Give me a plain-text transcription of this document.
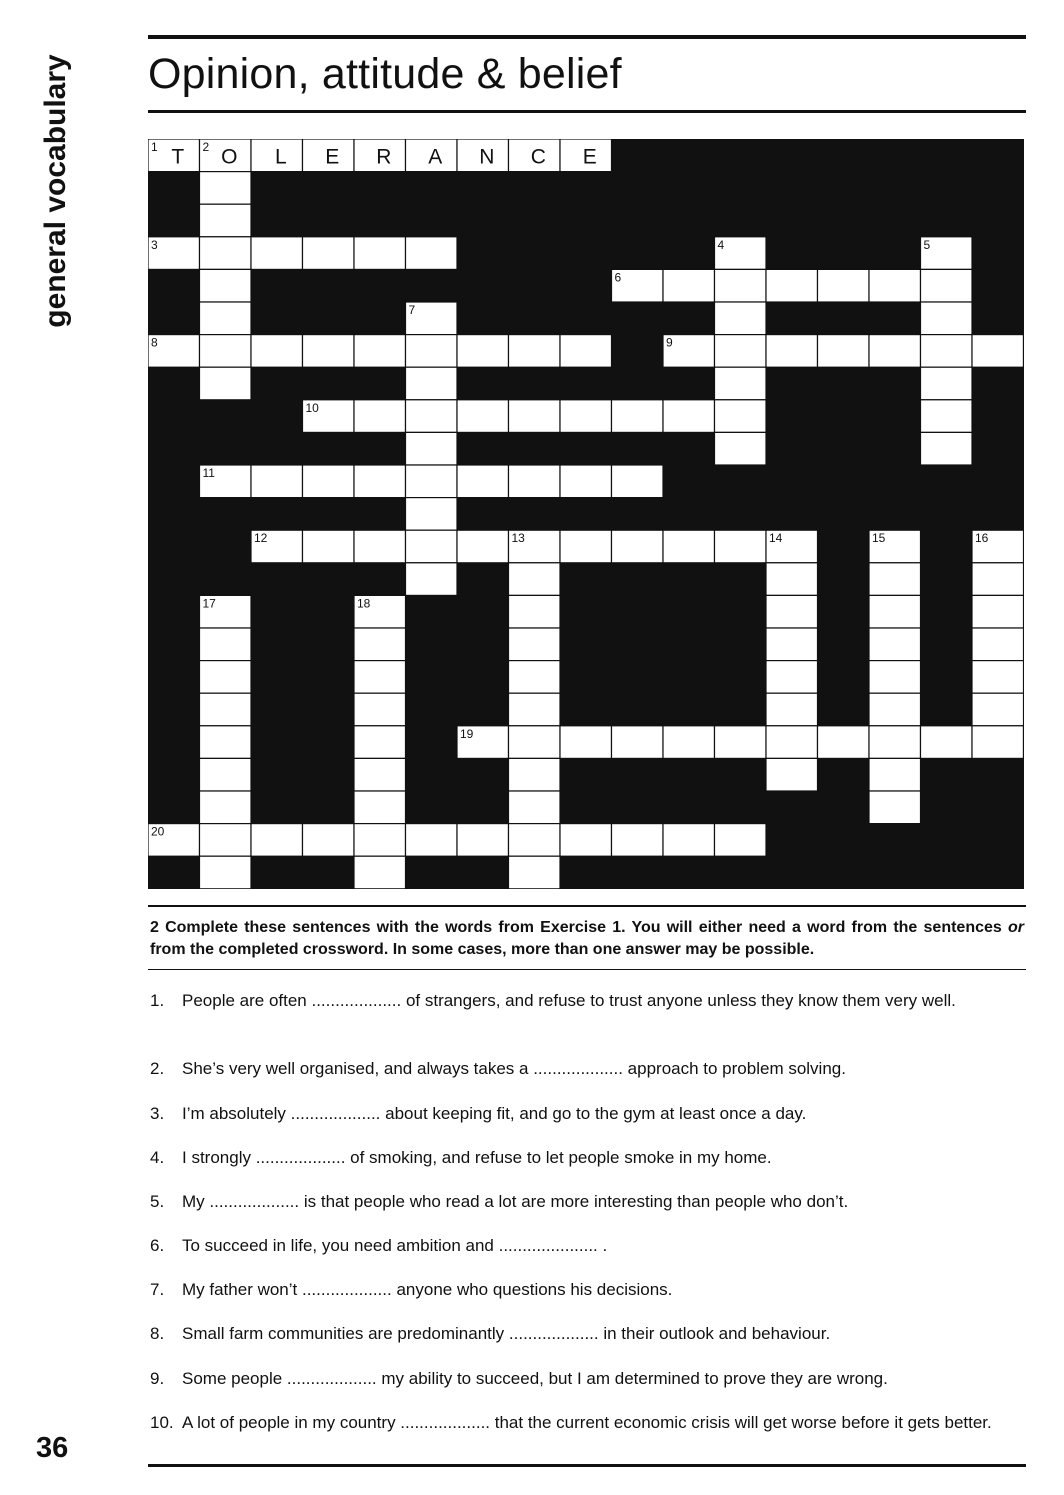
general vocabulary Opinion, attitude & belief
1	2
3	4	5
6
7
8	9
10
11
12	13	14	15	16
17	18
19
20
T O L E R A N C E

2 Complete these sentences with the words from Exercise 1. You will either need a word from the sentences or from the completed crossword. In some cases, more than one answer may be possible.

1. People are often ................... of strangers, and refuse to trust anyone unless they know them very well.
2. She’s very well organised, and always takes a ................... approach to problem solving.
3. I’m absolutely ................... about keeping fit, and go to the gym at least once a day.
4. I strongly ................... of smoking, and refuse to let people smoke in my home.
5. My ................... is that people who read a lot are more interesting than people who don’t.
6. To succeed in life, you need ambition and ..................... .
7. My father won’t ................... anyone who questions his decisions.
8. Small farm communities are predominantly ................... in their outlook and behaviour.
9. Some people ................... my ability to succeed, but I am determined to prove they are wrong.
10. A lot of people in my country ................... that the current economic crisis will get worse before it gets better.
36
